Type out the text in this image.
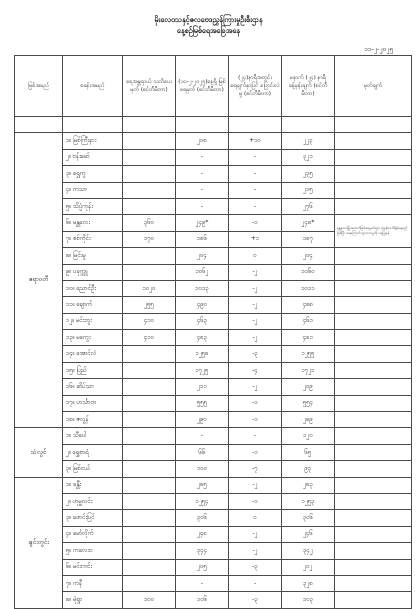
မိုးလေဝသနှင့်ဇလဗေဒညွှန်ကြားမှုဦးစီးဌာန
နေ့စဉ်မြစ်ရေအခြေအနေ
၁၁-၂-၂၀၂၅
မြစ်အမည်	စခန်းအမည်	ရေအန္တရာယ် သတိပေးမှတ် (စင်တီမီတာ)	(၁၀-၂-၂၀၂၅)နေ့ရှိ မြစ်ရေမှတ် (စင်တီမီတာ)	(၂၄)နာရီအတွင်း ရေမျက်နှာပြင် ပြောင်းလဲမှု (စင်တီမီတာ)	နောက် (၂၄) နာရီ ခန့်မှန်းချက် (စင်တီမီတာ)	မှတ်ချက်

ဧရာဝတီ	၁။ မြစ်ကြီးနား		၂၀၈	+၁၀	၂၂၃	
	၂။ ဗန်းမော်		-	-	၃၂၁	
	၃။ ရွှေကူ		-	-	၂၃၅	
	၄။ ကသာ		-	-	၂၁၅	
	၅။ သိပ္ပံကုန်း		-	-	၂၇၆	
	၆။ မန္တလေး	၃၆၀	၂၄၉*	-၁	၂၄၈*	မန္တလေးမြို့အထက်မြစ်ရေမှတ်များ ပုံမှန်ထက်နိမ့်နေမည်ဖြစ်ပြီး ရေကြောင်းသွားလာမှုကို ဂရုပြုရန်
	၇။ စစ်ကိုင်း	၁၇၀	၁၈၆	+၁	၁၈၇	
	၈။ မြင်းမူ		၂၀၄	၀	၂၀၄	
	၉။ ပခုက္ကူ		၁၀၆၂	-၂	၁၀၆၀	
	၁၀။ ညောင်ဦး	၁၀၂၀	၁၀၁၃	-၂	၁၀၁၁	
	၁၁။ ချောက်	၂၅၅	၄၉၀	-၂	၄၈၈	
	၁၂။ မင်းဘူး	၄၁၀	၄၆၃	-၂	၄၆၁	
	၁၃။ မကွေး	၄၁၀	၄၈၃	-၂	၄၈၁	
	၁၄။ အောင်လံ		၁၂၅၈	-၃	၁၂၅၅	
	၁၅။ ပြည်		၁၇၂၅	-၄	၁၇၂၁	
	၁၆။ ဆိပ်သာ		၂၁၁	-၂	၂၀၉	
	၁၇။ ဟင်္သာတ		၅၅၅	-၁	၅၅၄	
	၁၈။ ဇလွန်		၂၉၀	-၁	၂၈၉	
သံလွင်	၁။ သီပေါ		-	-	၁၂၀	
	၂။ ရွှေစာရံ		၆၆	-၁	၆၅	
	၃။ မြစ်ငယ်		၁၀၀	-၇	၉၃	
ချင်းတွင်း	၁။ ခန္တီး		၂၈၅	-၂	၂၈၃	
	၂။ ဟုမ္မလင်း		၁၂၅၄	-၁	၁၂၅၃	
	၃။ ဖောင်းပြင်		၃၀၆	၀	၃၀၆	
	၄။ မော်လိုက်		၂၄၈	-၂	၂၄၆	
	၅။ ကလေးဝ		၃၄၄	-၂	၃၄၂	
	၆။ မင်းကင်း		၂၀၅	-၃	၂၀၂	
	၇။ ကနီ		-	-	၃၂၈	
	၈။ မုံရွာ	၁၀၀	၁၀၆	-၃	၁၀၃	
